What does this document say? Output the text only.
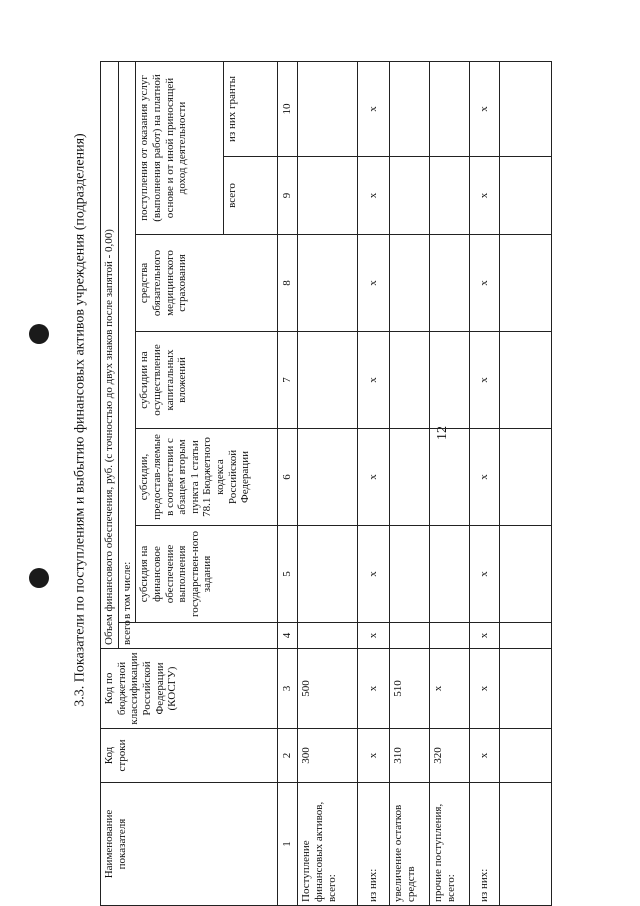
12
3.3. Показатели по поступлениям и выбытию финансовых активов учреждения (подразделения)
Наименование показателя	Код строки	Код по бюджетной классификации Российской Федерации (КОСГУ)	Объем финансового обеспечения, руб. (с точностью до двух знаков после запятой - 0,00)						
			всего	в том числе:					
				субсидия на финансовое обеспечение выполнения государствен-ного задания	субсидии, предостав-ляемые в соответствии с абзацем вторым пункта 1 статьи 78.1 Бюджетного кодекса Российской Федерации	субсидии на осуществление капитальных вложений	средства обязательного медицинского страхования	поступления от оказания услуг (выполнения работ) на платной основе и от иной приносящей доход деятельности	
								всего	из них гранты
1	2	3	4	5	6	7	8	9	10
Поступление финансовых активов, всего:	300	500							
из них:	х	х	х	х	х	х	х	х	х
увеличение остатков средств	310	510							
прочие поступления, всего:	320	х							
из них:	х	х	х	х	х	х	х	х	х
